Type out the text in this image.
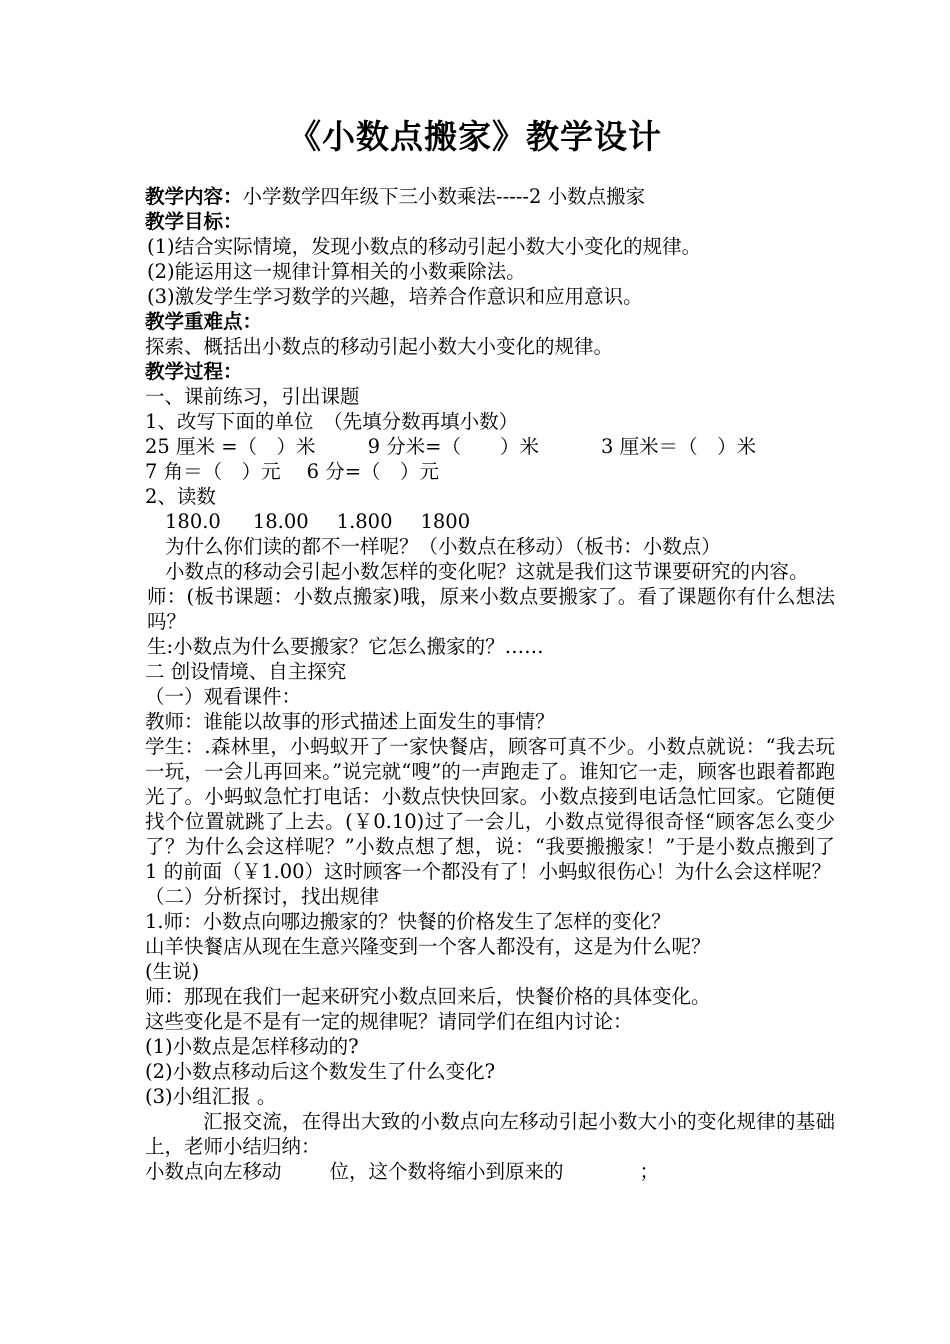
《小数点搬家》教学设计
教学内容：小学数学四年级下三小数乘法-----2 小数点搬家
教学目标：
(1)结合实际情境，发现小数点的移动引起小数大小变化的规律。
(2)能运用这一规律计算相关的小数乘除法。
(3)激发学生学习数学的兴趣，培养合作意识和应用意识。
教学重难点：
探索、概括出小数点的移动引起小数大小变化的规律。
教学过程：
一、课前练习，引出课题
1、改写下面的单位　（先填分数再填小数）
25 厘米 =（　）米	9 分米=（　　）米	3 厘米＝（　）米
7 角＝（　）元 6 分=（　）元
2、读数
180.0 18.00 1.800 1800
为什么你们读的都不一样呢？（小数点在移动）（板书：小数点）
小数点的移动会引起小数怎样的变化呢？这就是我们这节课要研究的内容。
师：(板书课题：小数点搬家)哦，原来小数点要搬家了。看了课题你有什么想法吗？
生:小数点为什么要搬家？它怎么搬家的？……
二 创设情境、自主探究
（一）观看课件：
教师：谁能以故事的形式描述上面发生的事情？
学生：.森林里，小蚂蚁开了一家快餐店，顾客可真不少。小数点就说：“我去玩一玩，一会儿再回来。”说完就“嗖”的一声跑走了。谁知它一走，顾客也跟着都跑光了。小蚂蚁急忙打电话：小数点快快回家。小数点接到电话急忙回家。它随便找个位置就跳了上去。(￥0.10)过了一会儿，小数点觉得很奇怪“顾客怎么变少了？为什么会这样呢？”小数点想了想，说：“我要搬搬家！”于是小数点搬到了 1 的前面（￥1.00）这时顾客一个都没有了！小蚂蚁很伤心！为什么会这样呢？
（二）分析探讨，找出规律
1.师：小数点向哪边搬家的？快餐的价格发生了怎样的变化？
山羊快餐店从现在生意兴隆变到一个客人都没有，这是为什么呢？
(生说)
师：那现在我们一起来研究小数点回来后，快餐价格的具体变化。
这些变化是不是有一定的规律呢？请同学们在组内讨论：
(1)小数点是怎样移动的?
(2)小数点移动后这个数发生了什么变化?
(3)小组汇报 。
汇报交流，在得出大致的小数点向左移动引起小数大小的变化规律的基础上，老师小结归纳：
小数点向左移动 位，这个数将缩小到原来的	；
